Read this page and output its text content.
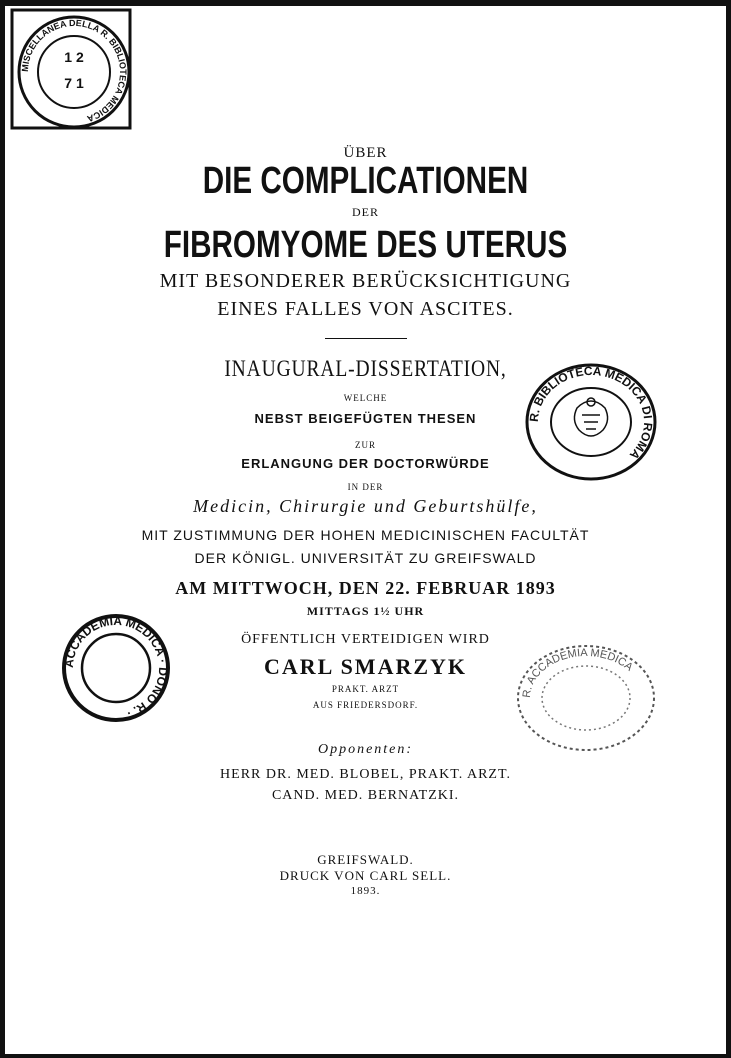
MISCELLANEA DELLA R. BIBLIOTECA MEDICA
1 2
7 1
R. BIBLIOTECA MEDICA DI ROMA
ACCADEMIA MEDICA · DONO R. ·
R. ACCADEMIA MEDICA
ÜBER
DIE COMPLICATIONEN
DER
FIBROMYOME DES UTERUS
MIT BESONDERER BERÜCKSICHTIGUNG
EINES FALLES VON ASCITES.
INAUGURAL-DISSERTATION,
WELCHE
NEBST BEIGEFÜGTEN THESEN
ZUR
ERLANGUNG DER DOCTORWÜRDE
IN DER
Medicin, Chirurgie und Geburtshülfe,
MIT ZUSTIMMUNG DER HOHEN MEDICINISCHEN FACULTÄT
DER KÖNIGL. UNIVERSITÄT ZU GREIFSWALD
AM MITTWOCH, DEN 22. FEBRUAR 1893
MITTAGS 1½ UHR
ÖFFENTLICH VERTEIDIGEN WIRD
CARL SMARZYK
PRAKT. ARZT
AUS FRIEDERSDORF.
Opponenten:
HERR DR. MED. BLOBEL, PRAKT. ARZT.
CAND. MED. BERNATZKI.
GREIFSWALD.
DRUCK VON CARL SELL.
1893.
